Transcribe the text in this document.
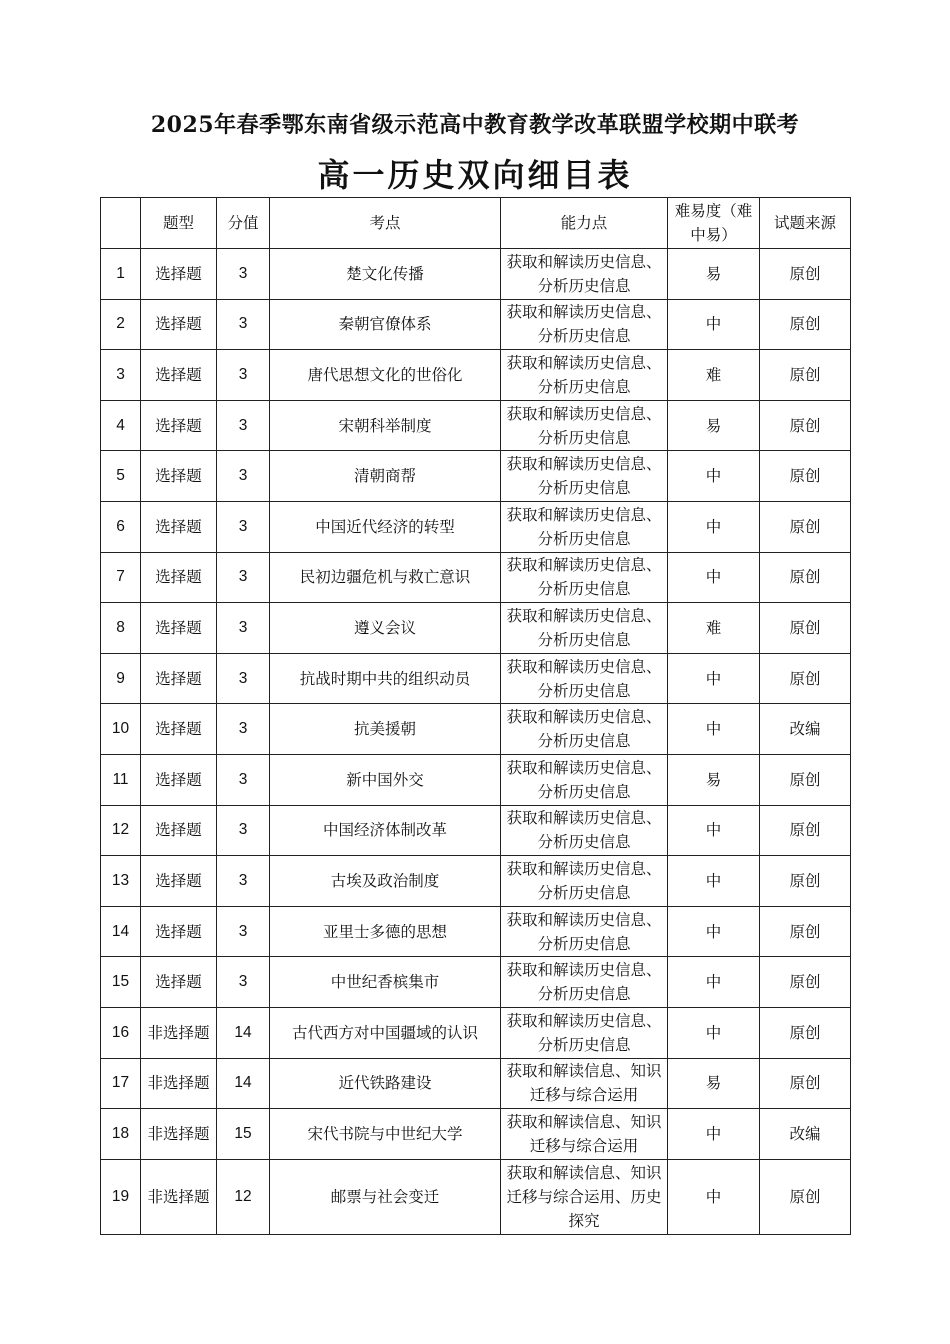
2025年春季鄂东南省级示范高中教育教学改革联盟学校期中联考
高一历史双向细目表
	题型	分值	考点	能力点	难易度（难中易）	试题来源
1	选择题	3	楚文化传播	获取和解读历史信息、分析历史信息	易	原创
2	选择题	3	秦朝官僚体系	获取和解读历史信息、分析历史信息	中	原创
3	选择题	3	唐代思想文化的世俗化	获取和解读历史信息、分析历史信息	难	原创
4	选择题	3	宋朝科举制度	获取和解读历史信息、分析历史信息	易	原创
5	选择题	3	清朝商帮	获取和解读历史信息、分析历史信息	中	原创
6	选择题	3	中国近代经济的转型	获取和解读历史信息、分析历史信息	中	原创
7	选择题	3	民初边疆危机与救亡意识	获取和解读历史信息、分析历史信息	中	原创
8	选择题	3	遵义会议	获取和解读历史信息、分析历史信息	难	原创
9	选择题	3	抗战时期中共的组织动员	获取和解读历史信息、分析历史信息	中	原创
10	选择题	3	抗美援朝	获取和解读历史信息、分析历史信息	中	改编
11	选择题	3	新中国外交	获取和解读历史信息、分析历史信息	易	原创
12	选择题	3	中国经济体制改革	获取和解读历史信息、分析历史信息	中	原创
13	选择题	3	古埃及政治制度	获取和解读历史信息、分析历史信息	中	原创
14	选择题	3	亚里士多德的思想	获取和解读历史信息、分析历史信息	中	原创
15	选择题	3	中世纪香槟集市	获取和解读历史信息、分析历史信息	中	原创
16	非选择题	14	古代西方对中国疆域的认识	获取和解读历史信息、分析历史信息	中	原创
17	非选择题	14	近代铁路建设	获取和解读信息、知识迁移与综合运用	易	原创
18	非选择题	15	宋代书院与中世纪大学	获取和解读信息、知识迁移与综合运用	中	改编
19	非选择题	12	邮票与社会变迁	获取和解读信息、知识迁移与综合运用、历史探究	中	原创
